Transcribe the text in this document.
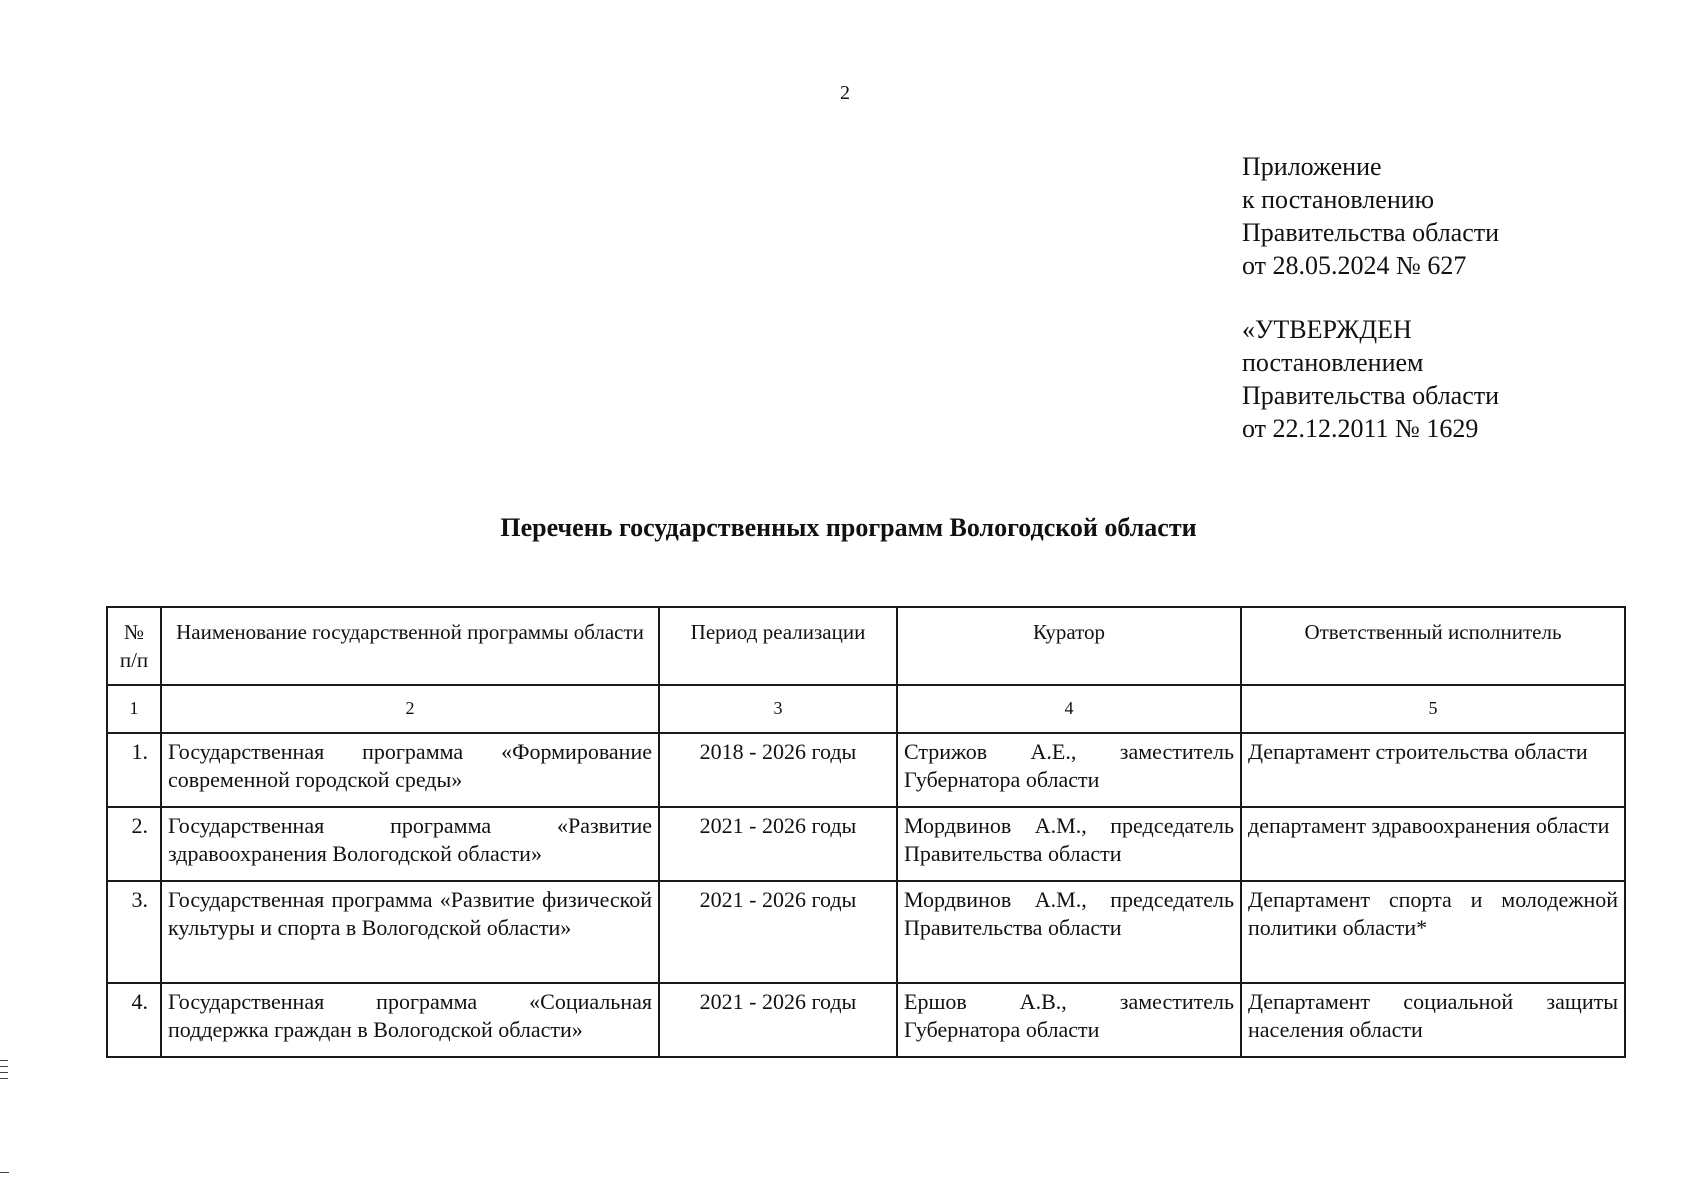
2
Приложение
к постановлению
Правительства области
от 28.05.2024 № 627
«УТВЕРЖДЕН
постановлением
Правительства области
от 22.12.2011 № 1629
Перечень государственных программ Вологодской области
№ п/п	Наименование государственной программы области	Период реализации	Куратор	Ответственный исполнитель
1	2	3	4	5
1.	Государственная программа «Формирование современной городской среды»	2018 - 2026 годы	Стрижов А.Е., заместитель Губернатора области	Департамент строительства области
2.	Государственная программа «Развитие здравоохранения Вологодской области»	2021 - 2026 годы	Мордвинов А.М., председатель Правительства области	департамент здравоохранения области
3.	Государственная программа «Развитие физической культуры и спорта в Вологодской области»	2021 - 2026 годы	Мордвинов А.М., председатель Правительства области	Департамент спорта и молодежной политики области*
4.	Государственная программа «Социальная поддержка граждан в Вологодской области»	2021 - 2026 годы	Ершов А.В., заместитель Губернатора области	Департамент социальной защиты населения области
